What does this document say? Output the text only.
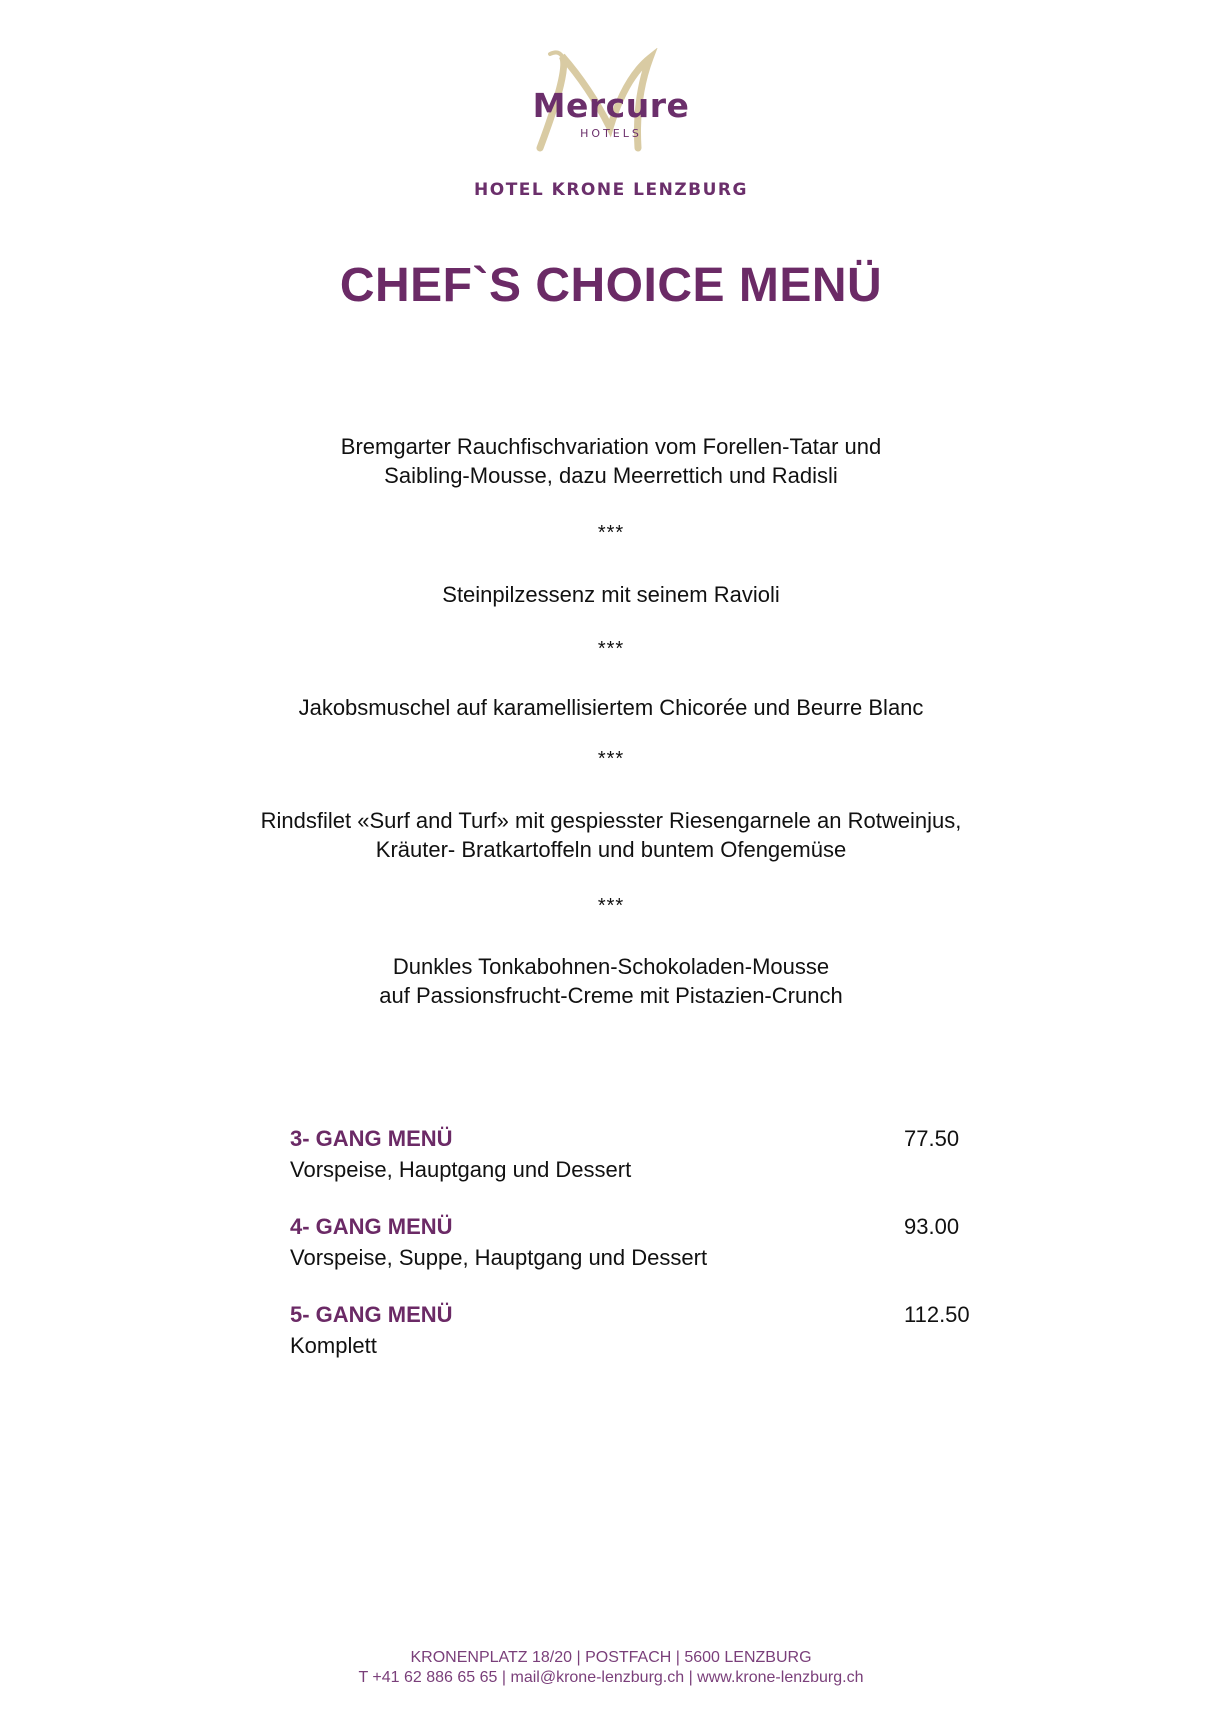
Mercure
HOTELS
HOTEL KRONE LENZBURG
CHEF`S CHOICE MENÜ
Bremgarter Rauchfischvariation vom Forellen-Tatar und
Saibling-Mousse, dazu Meerrettich und Radisli
***
Steinpilzessenz mit seinem Ravioli
***
Jakobsmuschel auf karamellisiertem Chicorée und Beurre Blanc
***
Rindsfilet «Surf and Turf» mit gespiesster Riesengarnele an Rotweinjus,
Kräuter- Bratkartoffeln und buntem Ofengemüse
***
Dunkles Tonkabohnen-Schokoladen-Mousse
auf Passionsfrucht-Creme mit Pistazien-Crunch
3- GANG MENÜ	77.50
Vorspeise, Hauptgang und Dessert
4- GANG MENÜ	93.00
Vorspeise, Suppe, Hauptgang und Dessert
5- GANG MENÜ	112.50
Komplett
KRONENPLATZ 18/20 | POSTFACH | 5600 LENZBURG
T +41 62 886 65 65 | mail@krone-lenzburg.ch | www.krone-lenzburg.ch
